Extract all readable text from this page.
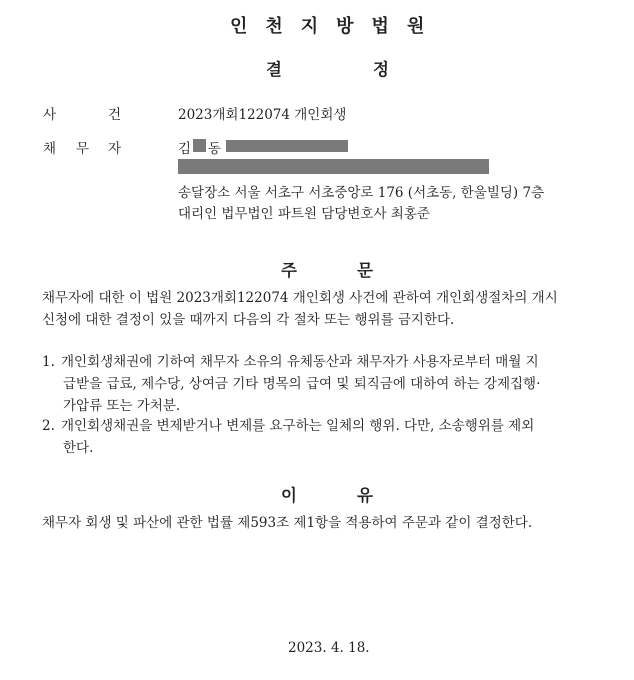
인천지방법원
결	정
사	건	2023개회122074 개인회생
채 무 자	김 동
송달장소 서울 서초구 서초중앙로 176 (서초동, 한울빌딩) 7층
대리인 법무법인 파트원 담당변호사 최홍준
주	문
채무자에 대한 이 법원 2023개회122074 개인회생 사건에 관하여 개인회생절차의 개시
신청에 대한 결정이 있을 때까지 다음의 각 절차 또는 행위를 금지한다.
1. 개인회생채권에 기하여 채무자 소유의 유체동산과 채무자가 사용자로부터 매월 지
급받을 급료, 제수당, 상여금 기타 명목의 급여 및 퇴직금에 대하여 하는 강제집행·
가압류 또는 가처분.
2. 개인회생채권을 변제받거나 변제를 요구하는 일체의 행위. 다만, 소송행위를 제외
한다.
이	유
채무자 회생 및 파산에 관한 법률 제593조 제1항을 적용하여 주문과 같이 결정한다.
2023. 4. 18.
